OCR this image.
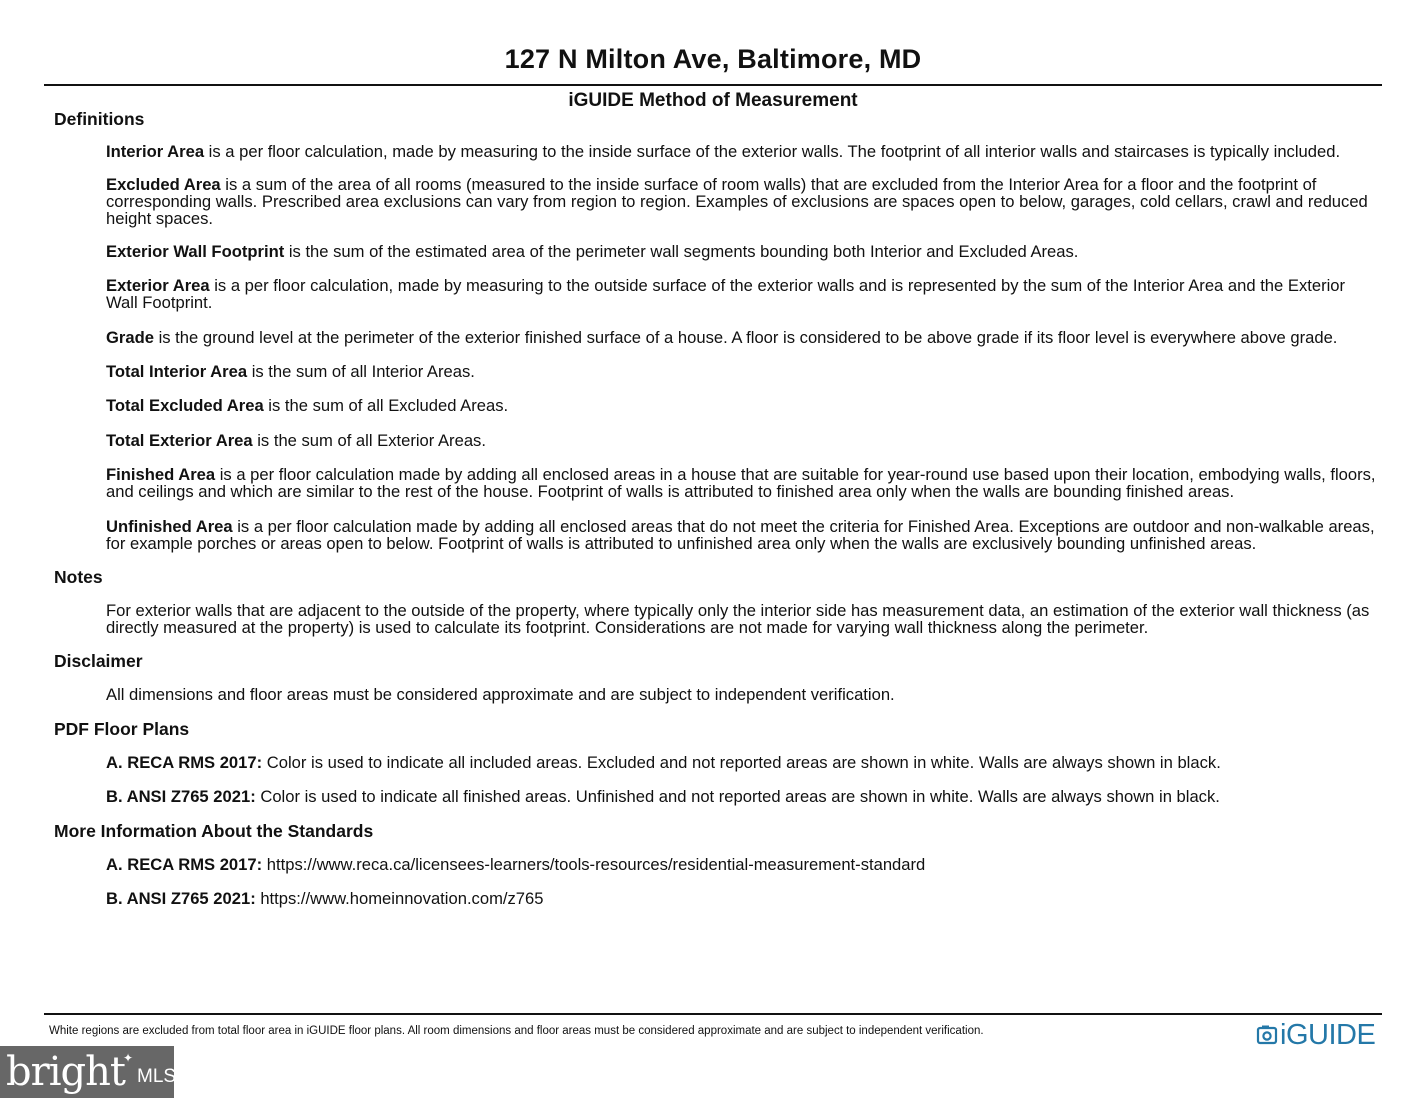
127 N Milton Ave, Baltimore, MD
iGUIDE Method of Measurement
Definitions

Interior Area is a per floor calculation, made by measuring to the inside surface of the exterior walls. The footprint of all interior walls and staircases is typically included.

Excluded Area is a sum of the area of all rooms (measured to the inside surface of room walls) that are excluded from the Interior Area for a floor and the footprint of corresponding walls. Prescribed area exclusions can vary from region to region. Examples of exclusions are spaces open to below, garages, cold cellars, crawl and reduced height spaces.

Exterior Wall Footprint is the sum of the estimated area of the perimeter wall segments bounding both Interior and Excluded Areas.

Exterior Area is a per floor calculation, made by measuring to the outside surface of the exterior walls and is represented by the sum of the Interior Area and the Exterior Wall Footprint.

Grade is the ground level at the perimeter of the exterior finished surface of a house. A floor is considered to be above grade if its floor level is everywhere above grade.

Total Interior Area is the sum of all Interior Areas.

Total Excluded Area is the sum of all Excluded Areas.

Total Exterior Area is the sum of all Exterior Areas.

Finished Area is a per floor calculation made by adding all enclosed areas in a house that are suitable for year-round use based upon their location, embodying walls, floors, and ceilings and which are similar to the rest of the house. Footprint of walls is attributed to finished area only when the walls are bounding finished areas.

Unfinished Area is a per floor calculation made by adding all enclosed areas that do not meet the criteria for Finished Area. Exceptions are outdoor and non-walkable areas, for example porches or areas open to below. Footprint of walls is attributed to unfinished area only when the walls are exclusively bounding unfinished areas.

Notes

For exterior walls that are adjacent to the outside of the property, where typically only the interior side has measurement data, an estimation of the exterior wall thickness (as directly measured at the property) is used to calculate its footprint. Considerations are not made for varying wall thickness along the perimeter.

Disclaimer

All dimensions and floor areas must be considered approximate and are subject to independent verification.

PDF Floor Plans

A. RECA RMS 2017: Color is used to indicate all included areas. Excluded and not reported areas are shown in white. Walls are always shown in black.

B. ANSI Z765 2021: Color is used to indicate all finished areas. Unfinished and not reported areas are shown in white. Walls are always shown in black.

More Information About the Standards

A. RECA RMS 2017: https://www.reca.ca/licensees-learners/tools-resources/residential-measurement-standard

B. ANSI Z765 2021: https://www.homeinnovation.com/z765

White regions are excluded from total floor area in iGUIDE floor plans. All room dimensions and floor areas must be considered approximate and are subject to independent verification.	iGUIDE
bright
✦
MLS
